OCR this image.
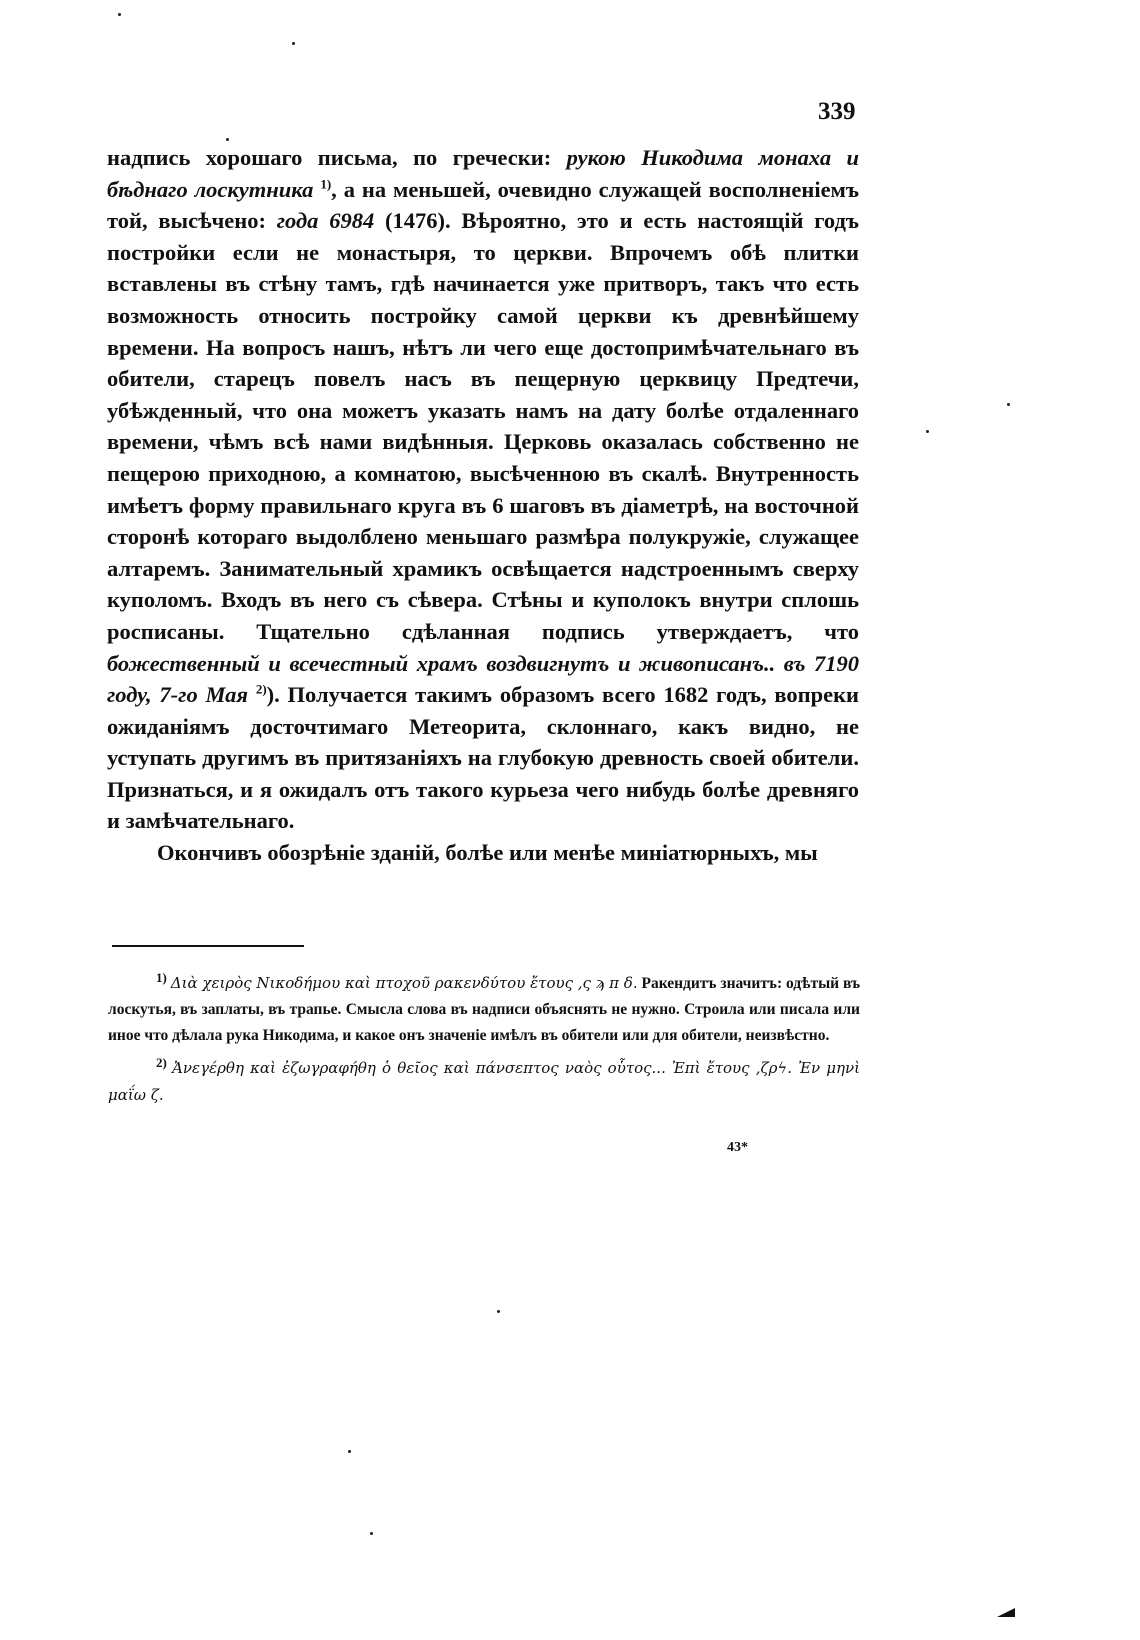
339

надпись хорошаго письма, по гречески: рукою Никодима монаха и бѣднаго лоскутника $^{1)}$, а на меньшей, очевидно служащей восполненіемъ той, высѣчено: года 6984 (1476). Вѣроятно, это и есть настоящій годъ постройки если не монастыря, то церкви. Впрочемъ обѣ плитки вставлены въ стѣну тамъ, гдѣ начинается уже притворъ, такъ что есть возможность относить постройку самой церкви къ древнѣйшему времени. На вопросъ нашъ, нѣтъ ли чего еще достопримѣчательнаго въ обители, старецъ повелъ насъ въ пещерную церквицу Предтечи, убѣжденный, что она можетъ указать намъ на дату болѣе отдаленнаго времени, чѣмъ всѣ нами видѣнныя. Церковь оказалась собственно не пещерою приходною, а комнатою, высѣченною въ скалѣ. Внутренность имѣетъ форму правильнаго круга въ 6 шаговъ въ діаметрѣ, на восточной сторонѣ котораго выдолблено меньшаго размѣра полукружіе, служащее алтаремъ. Занимательный храмикъ освѣщается надстроеннымъ сверху куполомъ. Входъ въ него съ сѣвера. Стѣны и куполокъ внутри сплошь росписаны. Тщательно сдѣланная подпись утверждаетъ, что божественный и всечестный храмъ воздвигнутъ и живописанъ.. въ 7190 году, 7-го Мая $^{2)}$). Получается такимъ образомъ всего 1682 годъ, вопреки ожиданіямъ досточтимаго Метеорита, склоннаго, какъ видно, не уступать другимъ въ притязаніяхъ на глубокую древность своей обители. Признаться, и я ожидалъ отъ такого курьеза чего нибудь болѣе древняго и замѣчательнаго.

Окончивъ обозрѣніе зданій, болѣе или менѣе миніатюрныхъ, мы

$^{1)}$ Διὰ χειρὸς Νικοδήμου καὶ πτοχοῦ ρακενδύτου ἔτους ,ς ϡ π δ. Ракендитъ значитъ: одѣтый въ лоскутья, въ заплаты, въ трапье. Смысла слова въ надписи объяснять не нужно. Строила или писала или иное что дѣлала рука Никодима, и какое онъ значеніе имѣлъ въ обители или для обители, неизвѣстно.

$^{2)}$ Ἀνεγέρθη καὶ ἐζωγραφήθη ὁ θεῖος καὶ πάνσεπτος ναὸς οὗτος... Ἐπὶ ἔτους ,ζρϟ. Ἐν μηνὶ μαΐω ζ.

43*
